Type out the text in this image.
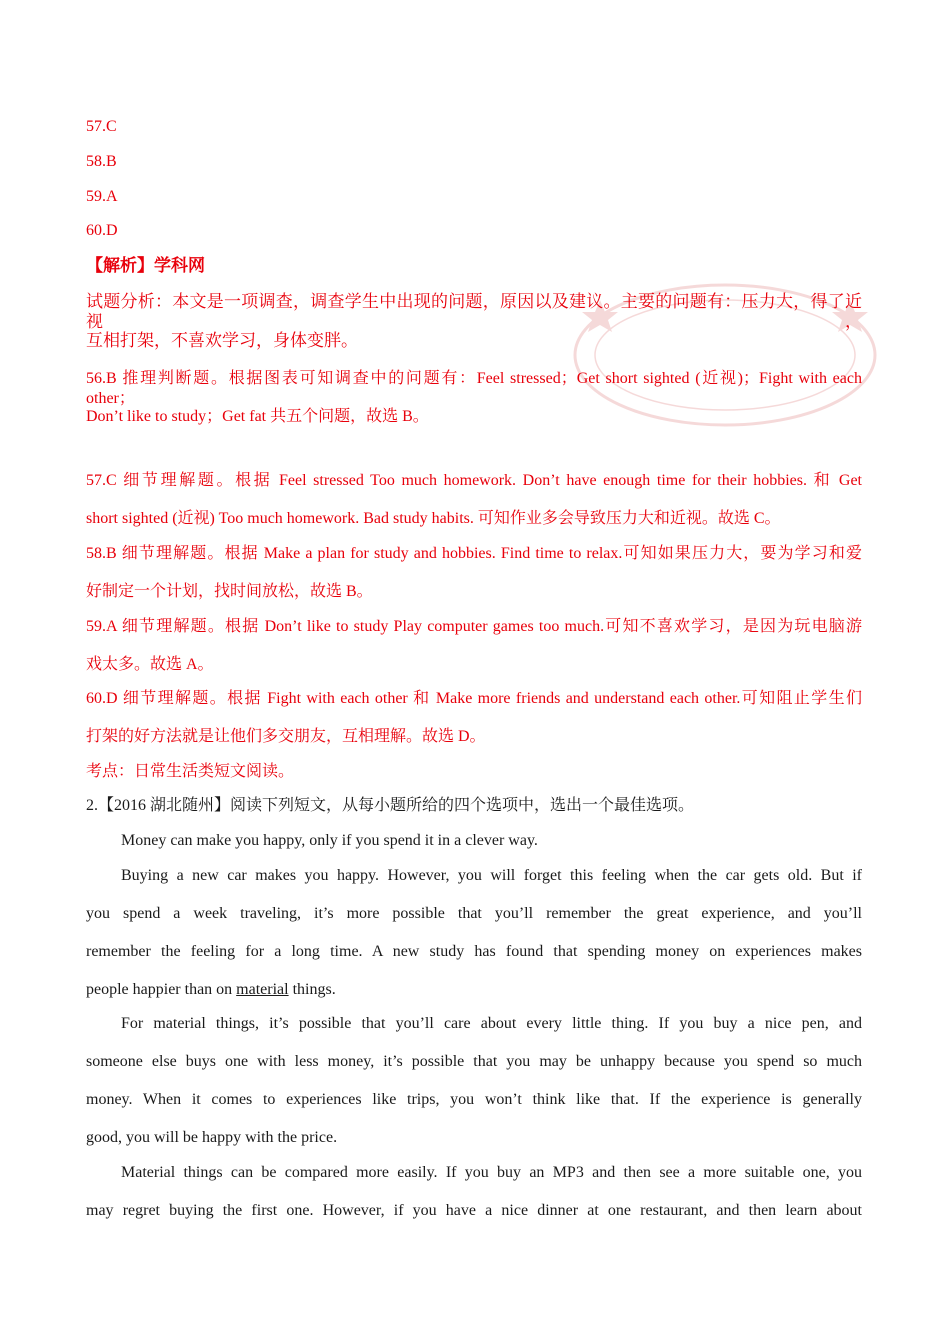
57.C
58.B
59.A
60.D
【解析】学科网
试题分析：本文是一项调查，调查学生中出现的问题，原因以及建议。主要的问题有：压力大，得了近视，
互相打架，不喜欢学习，身体变胖。
56.B 推理判断题。根据图表可知调查中的问题有：Feel stressed；Get short sighted (近视)；Fight with each other；
Don’t like to study；Get fat 共五个问题，故选 B。
57.C 细节理解题。根据 Feel stressed Too much homework. Don’t have enough time for their hobbies. 和 Get
short sighted (近视) Too much homework. Bad study habits. 可知作业多会导致压力大和近视。故选 C。
58.B 细节理解题。根据 Make a plan for study and hobbies. Find time to relax.可知如果压力大，要为学习和爱
好制定一个计划，找时间放松，故选 B。
59.A 细节理解题。根据 Don’t like to study Play computer games too much.可知不喜欢学习，是因为玩电脑游
戏太多。故选 A。
60.D 细节理解题。根据 Fight with each other 和 Make more friends and understand each other.可知阻止学生们
打架的好方法就是让他们多交朋友，互相理解。故选 D。
考点：日常生活类短文阅读。
2.【2016 湖北随州】阅读下列短文，从每小题所给的四个选项中，选出一个最佳选项。
Money can make you happy, only if you spend it in a clever way.
Buying a new car makes you happy. However, you will forget this feeling when the car gets old. But if
you spend a week traveling, it’s more possible that you’ll remember the great experience, and you’ll
remember the feeling for a long time. A new study has found that spending money on experiences makes
people happier than on material things.
For material things, it’s possible that you’ll care about every little thing. If you buy a nice pen, and
someone else buys one with less money, it’s possible that you may be unhappy because you spend so much
money. When it comes to experiences like trips, you won’t think like that. If the experience is generally
good, you will be happy with the price.
Material things can be compared more easily. If you buy an MP3 and then see a more suitable one, you
may regret buying the first one. However, if you have a nice dinner at one restaurant, and then learn about
